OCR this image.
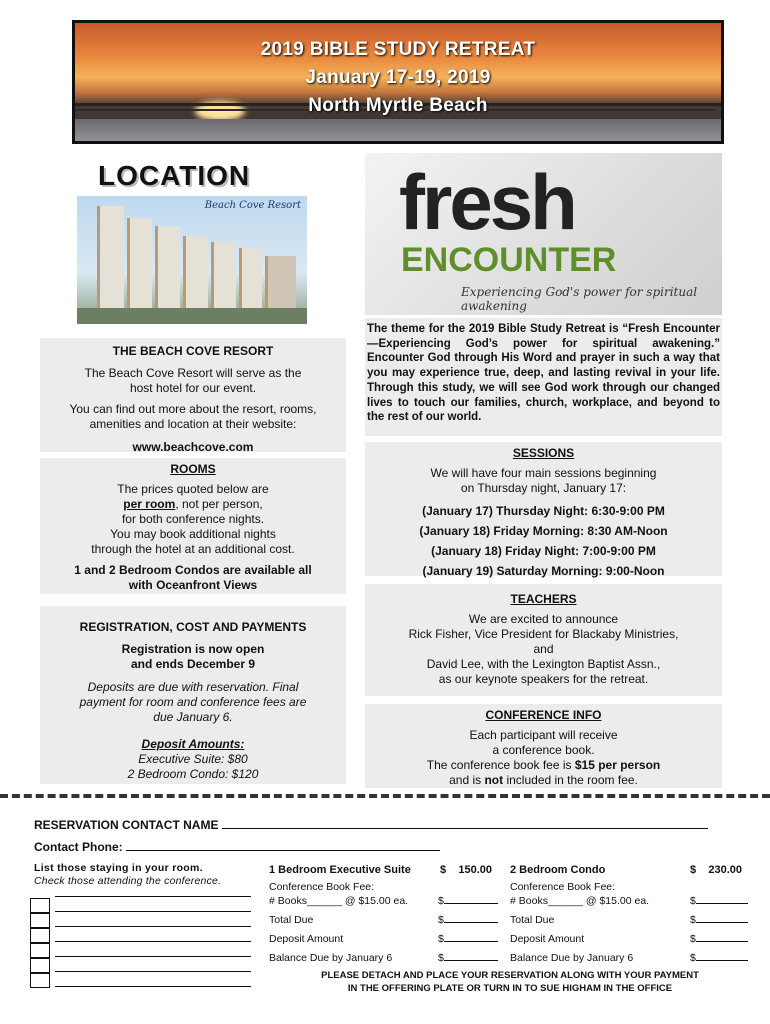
2019 BIBLE STUDY RETREAT
January 17-19, 2019
North Myrtle Beach
LOCATION
Beach Cove Resort fresh
ENCOUNTER
Experiencing God's power for spiritual awakening
The theme for the 2019 Bible Study Retreat is “Fresh Encounter—Experiencing God’s power for spiritual awakening.” Encounter God through His Word and prayer in such a way that you may experience true, deep, and lasting revival in your life. Through this study, we will see God work through our changed lives to touch our families, church, workplace, and beyond to the rest of our world.
THE BEACH COVE RESORT
The Beach Cove Resort will serve as the host hotel for our event.
You can find out more about the resort, rooms, amenities and location at their website:
www.beachcove.com
ROOMS
The prices quoted below are
per room, not per person,
for both conference nights.
You may book additional nights
through the hotel at an additional cost.
1 and 2 Bedroom Condos are available all with Oceanfront Views
REGISTRATION, COST AND PAYMENTS
Registration is now open and ends December 9
Deposits are due with reservation. Final payment for room and conference fees are due January 6.
Deposit Amounts:
Executive Suite: $80
2 Bedroom Condo: $120
SESSIONS
We will have four main sessions beginning on Thursday night, January 17:
(January 17) Thursday Night: 6:30-9:00 PM
(January 18) Friday Morning: 8:30 AM-Noon
(January 18) Friday Night: 7:00-9:00 PM
(January 19) Saturday Morning: 9:00-Noon
TEACHERS
We are excited to announce
Rick Fisher, Vice President for Blackaby Ministries,
and
David Lee, with the Lexington Baptist Assn.,
as our keynote speakers for the retreat.
CONFERENCE INFO
Each participant will receive
a conference book.
The conference book fee is $15 per person
and is not included in the room fee.
RESERVATION CONTACT NAME
Contact Phone:
List those staying in your room.
Check those attending the conference.
1 Bedroom Executive Suite	$    150.00
Conference Book Fee:
# Books______ @ $15.00 ea.	$
Total Due	$
Deposit Amount	$
Balance Due by January 6	$
2 Bedroom Condo	$    230.00
Conference Book Fee:
# Books______ @ $15.00 ea.	$
Total Due	$
Deposit Amount	$
Balance Due by January 6	$
PLEASE DETACH AND PLACE YOUR RESERVATION ALONG WITH YOUR PAYMENT
IN THE OFFERING PLATE OR TURN IN TO SUE HIGHAM IN THE OFFICE
